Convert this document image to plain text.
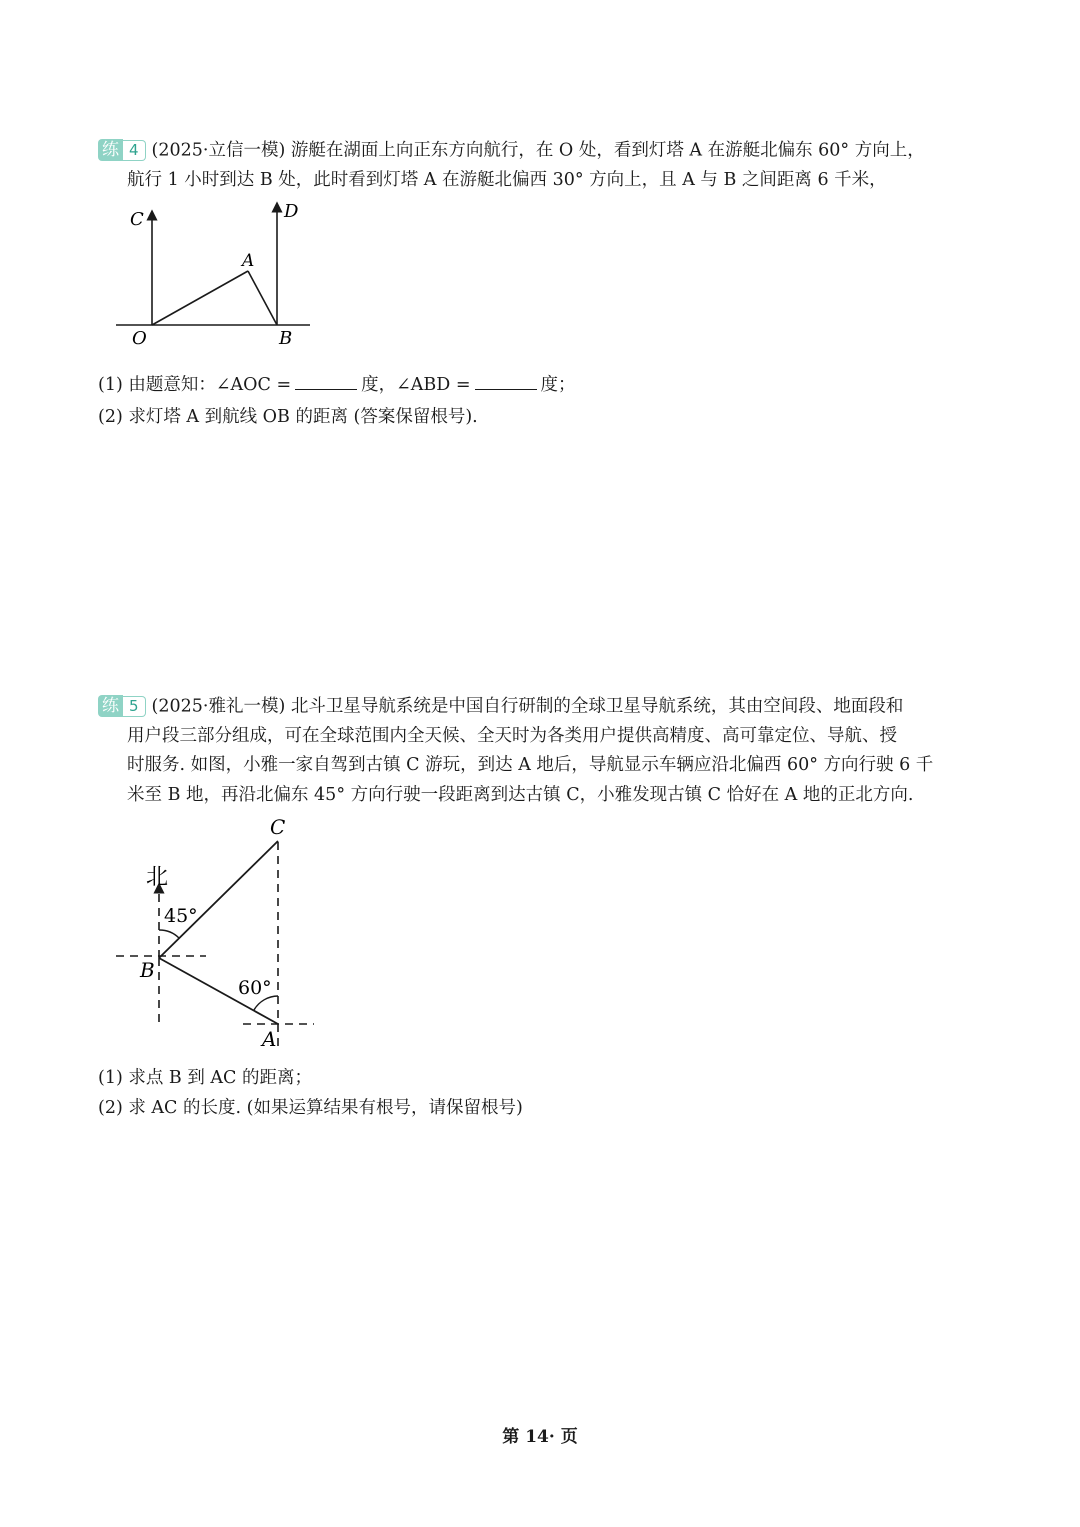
练 4 (2025·立信一模) 游艇在湖面上向正东方向航行，在 O 处，看到灯塔 A 在游艇北偏东 60° 方向上，
航行 1 小时到达 B 处，此时看到灯塔 A 在游艇北偏西 30° 方向上，且 A 与 B 之间距离 6 千米，
C	D
A
O	B
(1) 由题意知：∠AOC =	度，∠ABD =	度；
(2) 求灯塔 A 到航线 OB 的距离 (答案保留根号).
练 5 (2025·雅礼一模) 北斗卫星导航系统是中国自行研制的全球卫星导航系统，其由空间段、地面段和
用户段三部分组成，可在全球范围内全天候、全天时为各类用户提供高精度、高可靠定位、导航、授
时服务. 如图，小雅一家自驾到古镇 C 游玩，到达 A 地后，导航显示车辆应沿北偏西 60° 方向行驶 6 千
米至 B 地，再沿北偏东 45° 方向行驶一段距离到达古镇 C，小雅发现古镇 C 恰好在 A 地的正北方向.
北
45°
C
B
60°
A
(1) 求点 B 到 AC 的距离；
(2) 求 AC 的长度. (如果运算结果有根号，请保留根号)
第 14· 页
